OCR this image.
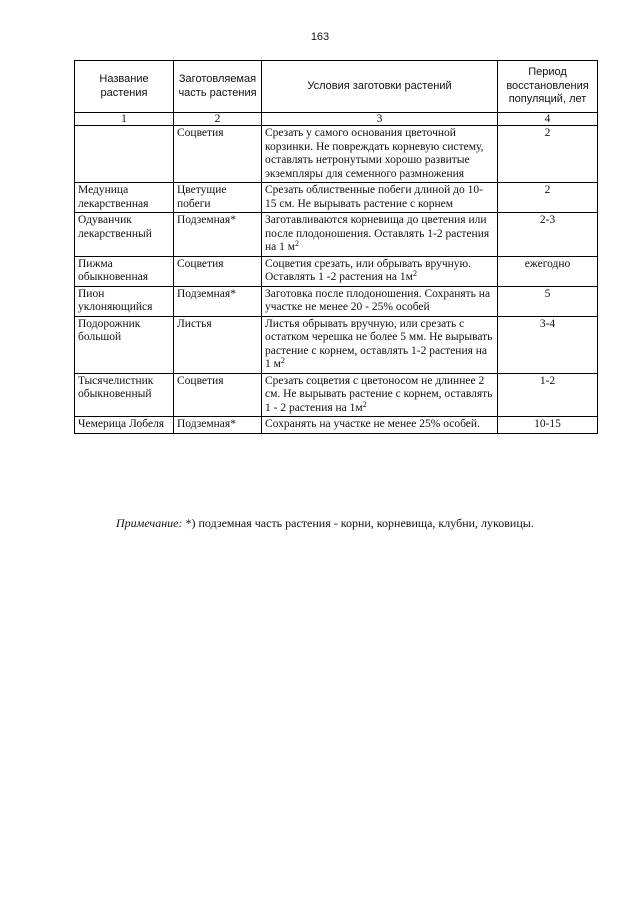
163
Название растения	Заготовляемая часть растения	Условия заготовки растений	Период восстановления популяций, лет
1	2	3	4
	Соцветия	Срезать у самого основания цветочной корзинки. Не повреждать корневую систему, оставлять нетронутыми хорошо развитые экземпляры для семенного размножения	2
Медуница лекарственная	Цветущие побеги	Срезать облиственные побеги длиной до 10-15 см. Не вырывать растение с корнем	2
Одуванчик лекарственный	Подземная*	Заготавливаются корневища до цветения или после плодоношения. Оставлять 1-2 растения на 1 $м^2$	2-3
Пижма обыкновенная	Соцветия	Соцветия срезать, или обрывать вручную. Оставлять 1 -2 растения на $1м^2$	ежегодно
Пион уклоняющийся	Подземная*	Заготовка после плодоношения. Сохранять на участке не менее 20 - 25% особей	5
Подорожник большой	Листья	Листья обрывать вручную, или срезать с остатком черешка не более 5 мм. Не вырывать растение с корнем, оставлять 1-2 растения на 1 $м^2$	3-4
Тысячелистник обыкновенный	Соцветия	Срезать соцветия с цветоносом не длиннее 2 см. Не вырывать растение с корнем, оставлять 1 - 2 растения на $1м^2$	1-2
Чемерица Лобеля	Подземная*	Сохранять на участке не менее 25% особей.	10-15
Примечание: *) подземная часть растения - корни, корневища, клубни, луковицы.
